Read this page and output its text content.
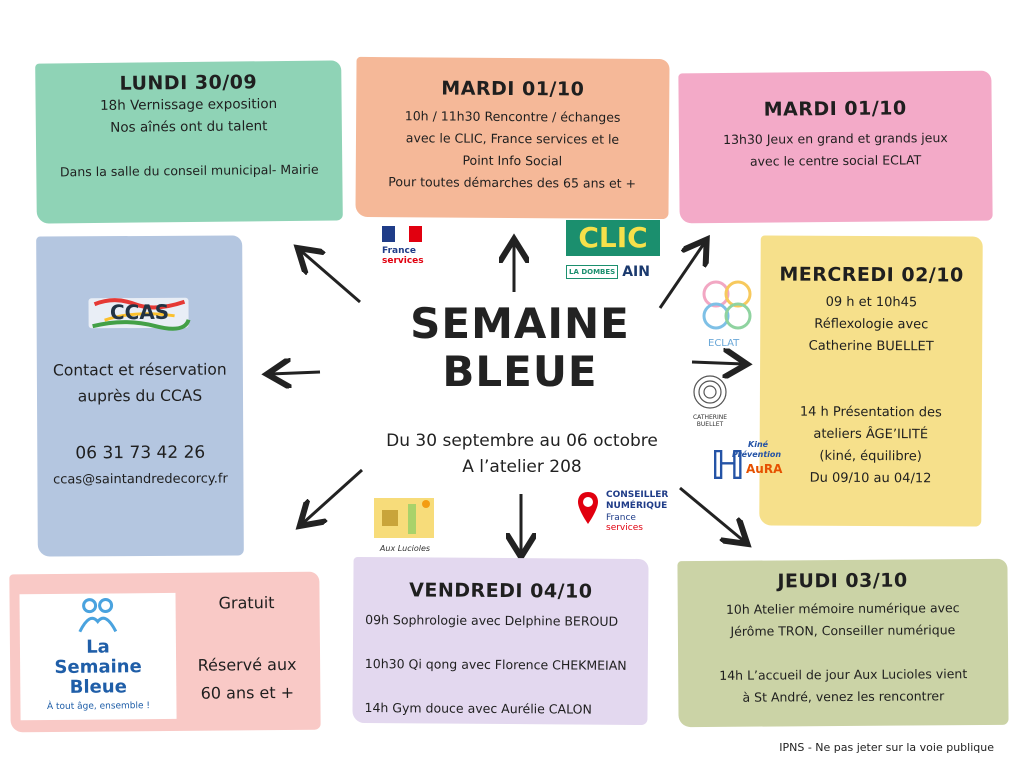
LUNDI 30/09

18h Vernissage exposition

Nos aînés ont du talent

Dans la salle du conseil municipal- Mairie

MARDI 01/10

10h / 11h30 Rencontre / échanges

avec le CLIC, France services et le

Point Info Social

Pour toutes démarches des 65 ans et +

MARDI 01/10

13h30 Jeux en grand et grands jeux

avec le centre social ECLAT

MERCREDI 02/10

09 h et 10h45

Réflexologie avec

Catherine BUELLET

14 h Présentation des

ateliers ÂGE’ILITÉ

(kiné, équilibre)

Du 09/10 au 04/12

CCAS

Contact et réservation

auprès du CCAS

06 31 73 42 26

ccas@saintandredecorcy.fr

SEMAINE
BLEUE
Du 30 septembre au 06 octobre
A l’atelier 208
France
services
CLIC
LA DOMBES AIN
ECLAT
CATHERINE BUELLET
ℍ Kiné
Prévention
AuRA
Aux Lucioles
CONSEILLER
NUMÉRIQUE
France
services
La
Semaine
Bleue
À tout âge, ensemble !

Gratuit

Réservé aux

60 ans et +

VENDREDI 04/10

09h Sophrologie avec Delphine BEROUD

10h30 Qi qong avec Florence CHEKMEIAN

14h Gym douce avec Aurélie CALON

JEUDI 03/10

10h Atelier mémoire numérique avec

Jérôme TRON, Conseiller numérique

14h L’accueil de jour Aux Lucioles vient

à St André, venez les rencontrer

IPNS - Ne pas jeter sur la voie publique
